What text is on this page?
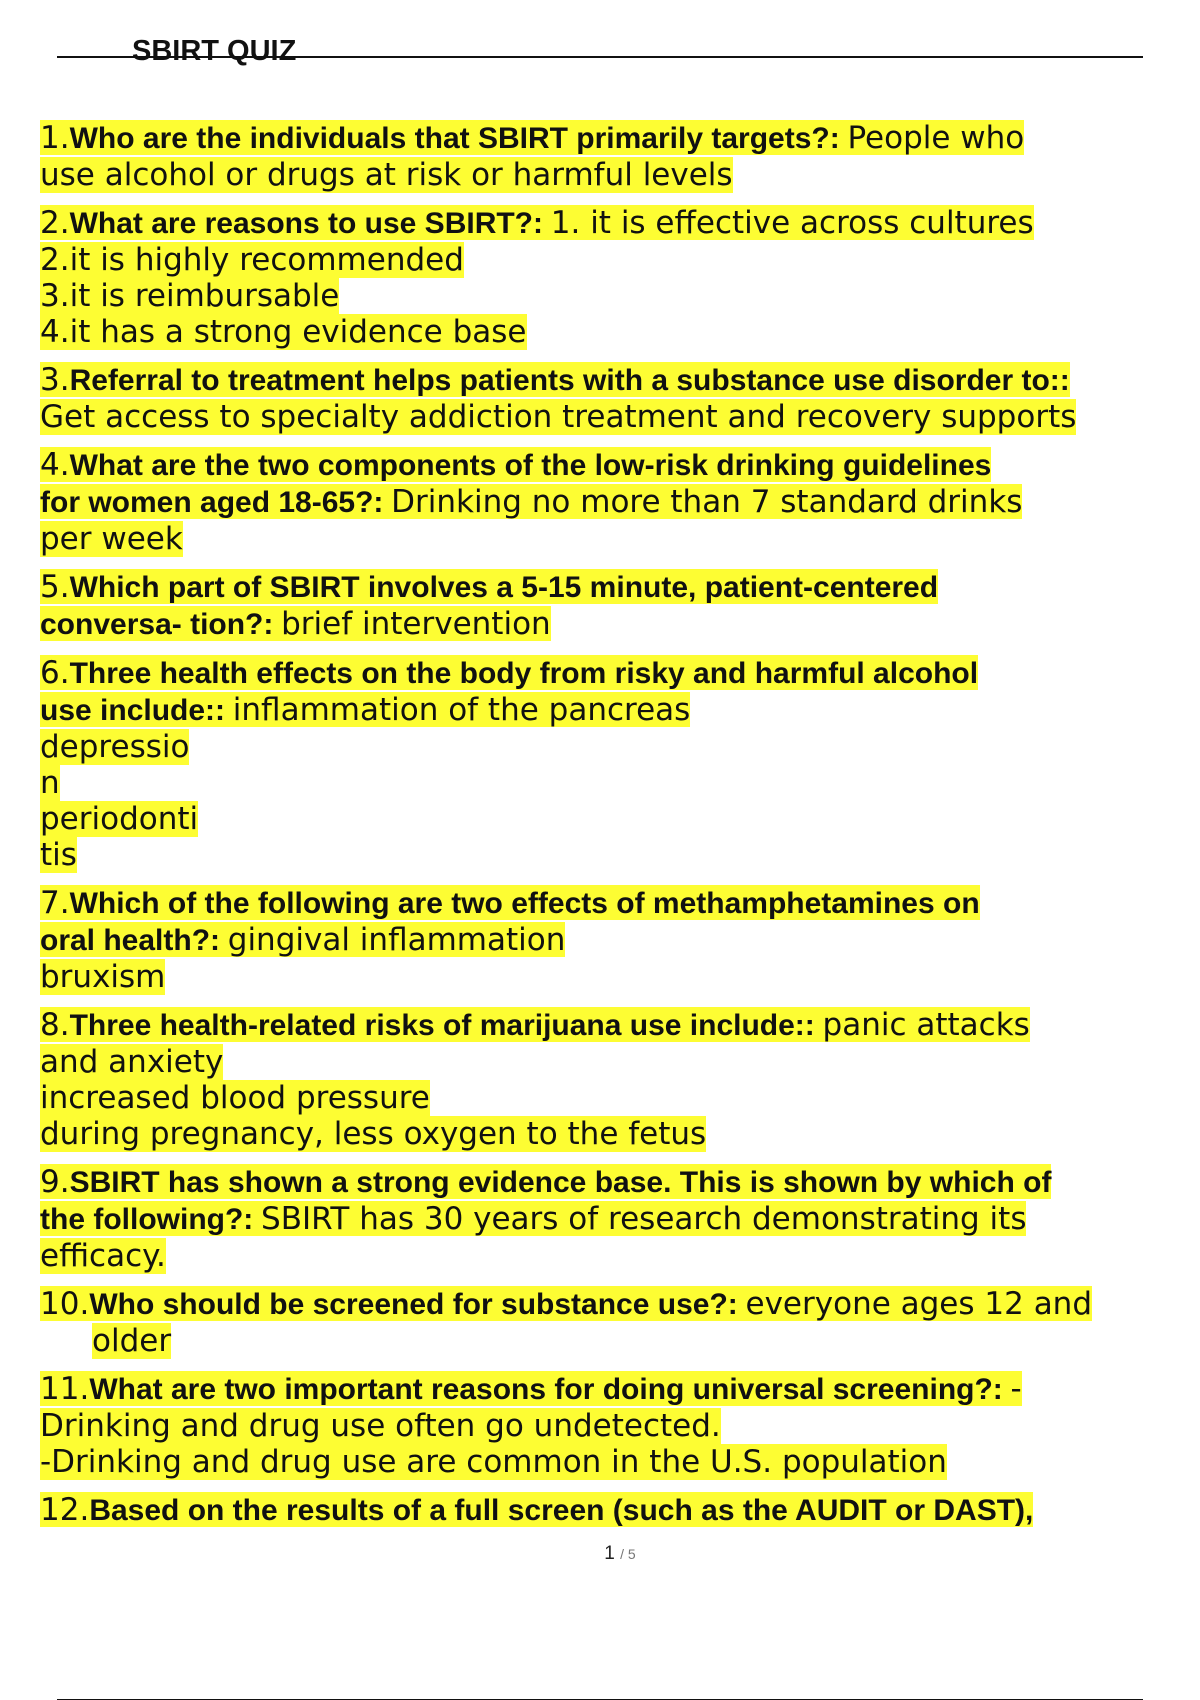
SBIRT QUIZ
1.Who are the individuals that SBIRT primarily targets?: People who
use alcohol or drugs at risk or harmful levels
2.What are reasons to use SBIRT?: 1. it is effective across cultures
2.it is highly recommended
3.it is reimbursable
4.it has a strong evidence base
3.Referral to treatment helps patients with a substance use disorder to::
Get access to specialty addiction treatment and recovery supports
4.What are the two components of the low-risk drinking guidelines
for women aged 18-65?: Drinking no more than 7 standard drinks
per week
5.Which part of SBIRT involves a 5-15 minute, patient-centered
conversa- tion?: brief intervention
6.Three health effects on the body from risky and harmful alcohol
use include:: inflammation of the pancreas
depressio
n
periodonti
tis
7.Which of the following are two effects of methamphetamines on
oral health?: gingival inflammation
bruxism
8.Three health-related risks of marijuana use include:: panic attacks
and anxiety
increased blood pressure
during pregnancy, less oxygen to the fetus
9.SBIRT has shown a strong evidence base. This is shown by which of
the following?: SBIRT has 30 years of research demonstrating its
efficacy.
10.Who should be screened for substance use?: everyone ages 12 and
older
11.What are two important reasons for doing universal screening?: -
Drinking and drug use often go undetected.
-Drinking and drug use are common in the U.S. population
12.Based on the results of a full screen (such as the AUDIT or DAST),
1 / 5
